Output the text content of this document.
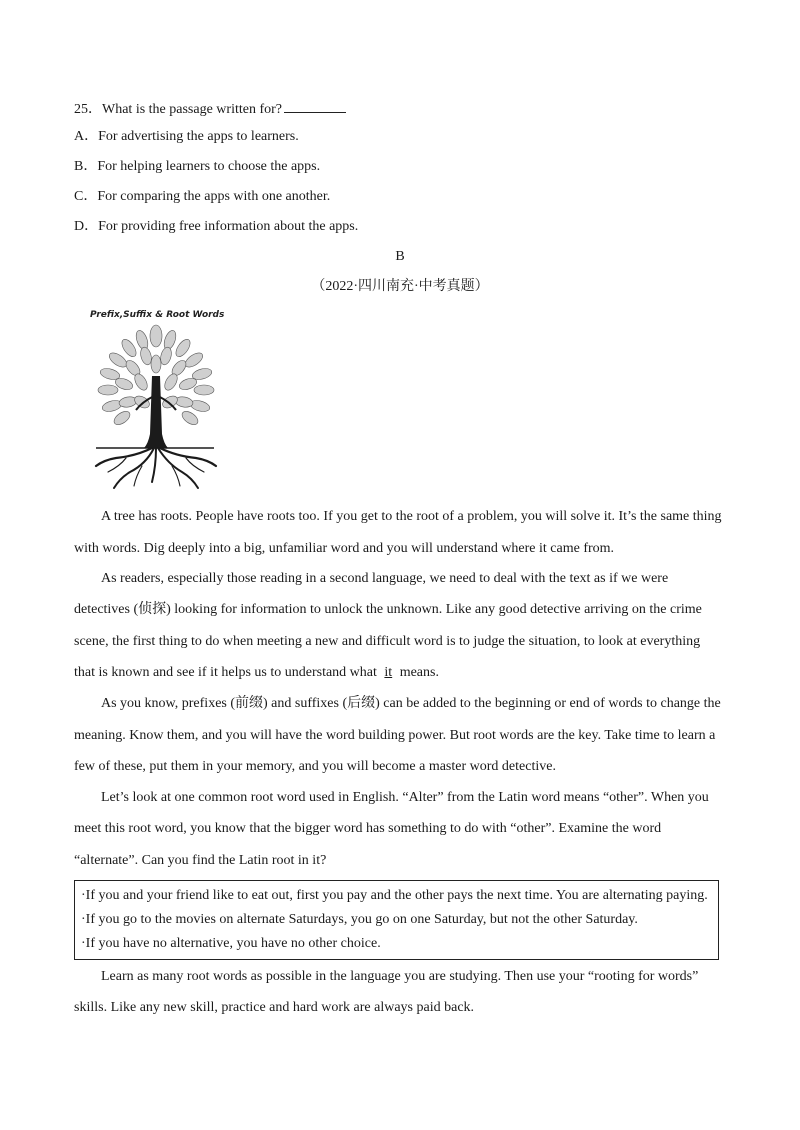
25．What is the passage written for?
A．For advertising the apps to learners.
B．For helping learners to choose the apps.
C．For comparing the apps with one another.
D．For providing free information about the apps.
B
（2022·四川南充·中考真题）
Prefix,Suffix & Root Words
A tree has roots. People have roots too. If you get to the root of a problem, you will solve it. It’s the same thing
with words. Dig deeply into a big, unfamiliar word and you will understand where it came from.
As readers, especially those reading in a second language, we need to deal with the text as if we were
detectives (侦探) looking for information to unlock the unknown. Like any good detective arriving on the crime
scene, the first thing to do when meeting a new and difficult word is to judge the situation, to look at everything
that is known and see if it helps us to understand what it means.
As you know, prefixes (前缀) and suffixes (后缀) can be added to the beginning or end of words to change the
meaning. Know them, and you will have the word building power. But root words are the key. Take time to learn a
few of these, put them in your memory, and you will become a master word detective.
Let’s look at one common root word used in English. “Alter” from the Latin word means “other”. When you
meet this root word, you know that the bigger word has something to do with “other”. Examine the word
“alternate”. Can you find the Latin root in it?
·If you and your friend like to eat out, first you pay and the other pays the next time. You are alternating paying.
·If you go to the movies on alternate Saturdays, you go on one Saturday, but not the other Saturday.
·If you have no alternative, you have no other choice.
Learn as many root words as possible in the language you are studying. Then use your “rooting for words”
skills. Like any new skill, practice and hard work are always paid back.
